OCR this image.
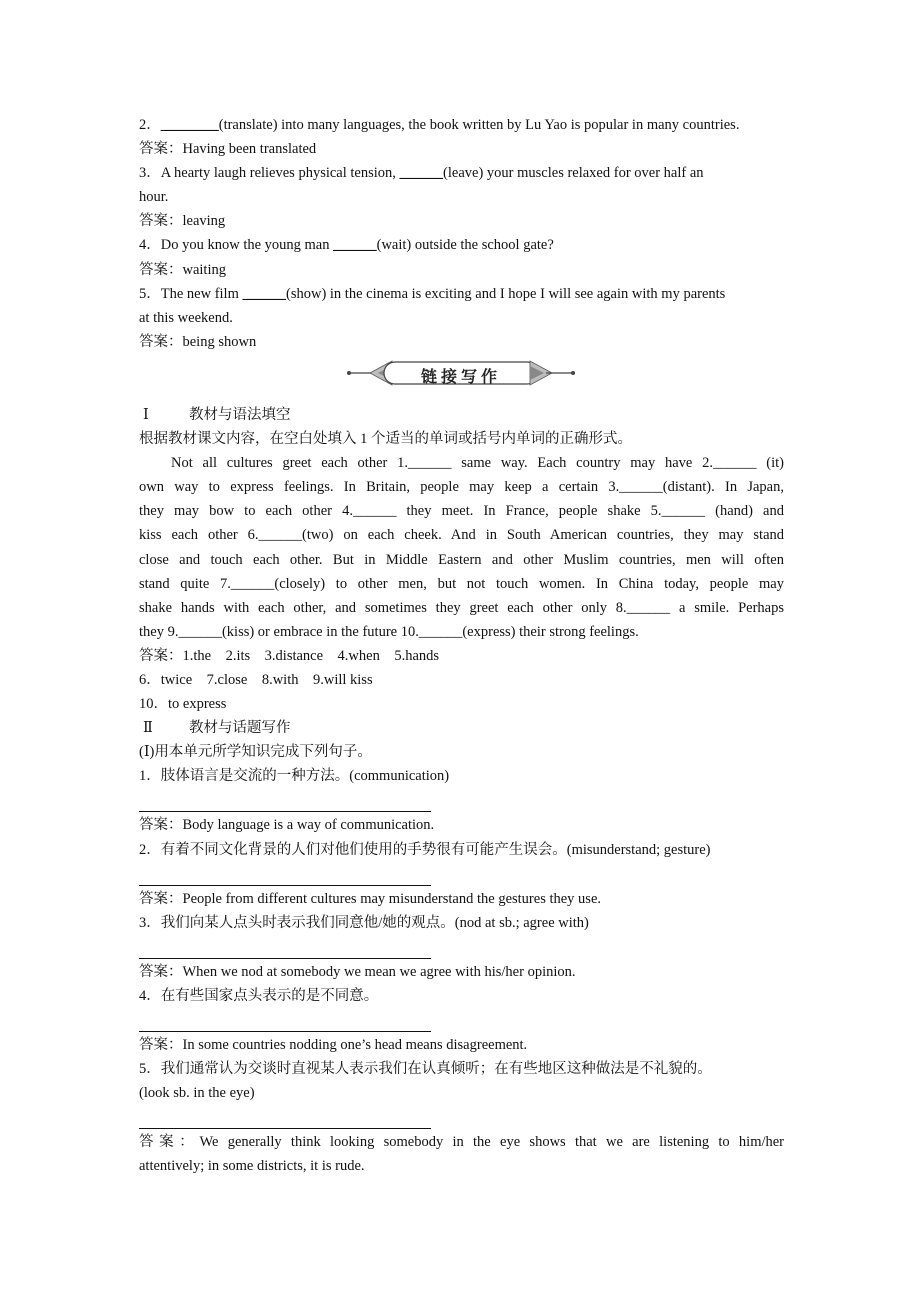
2．________(translate) into many languages, the book written by Lu Yao is popular in many countries.
答案：Having been translated
3．A hearty laugh relieves physical tension, ______(leave) your muscles relaxed for over half an
hour.
答案：leaving
4．Do you know the young man ______(wait) outside the school gate?
答案：waiting
5．The new film ______(show) in the cinema is exciting and I hope I will see again with my parents
at this weekend.
答案：being shown
链接写作
Ⅰ	教材与语法填空
根据教材课文内容，在空白处填入 1 个适当的单词或括号内单词的正确形式。
Not all cultures greet each other 1.______ same way. Each country may have 2.______ (it)
own way to express feelings. In Britain, people may keep a certain 3.______(distant). In Japan,
they may bow to each other 4.______ they meet. In France, people shake 5.______ (hand) and
kiss each other 6.______(two) on each cheek. And in South American countries, they may stand
close and touch each other. But in Middle Eastern and other Muslim countries, men will often
stand quite 7.______(closely) to other men, but not touch women. In China today, people may
shake hands with each other, and sometimes they greet each other only 8.______ a smile. Perhaps
they 9.______(kiss) or embrace in the future 10.______(express) their strong feelings.
答案：1.the　2.its　3.distance　4.when　5.hands
6．twice　7.close　8.with　9.will kiss
10．to express
Ⅱ 教材与话题写作
(Ⅰ)用本单元所学知识完成下列句子。
1．肢体语言是交流的一种方法。(communication)
答案：Body language is a way of communication.
2．有着不同文化背景的人们对他们使用的手势很有可能产生误会。(misunderstand; gesture)
答案：People from different cultures may misunderstand the gestures they use.
3．我们向某人点头时表示我们同意他/她的观点。(nod at sb.; agree with)
答案：When we nod at somebody we mean we agree with his/her opinion.
4．在有些国家点头表示的是不同意。
答案：In some countries nodding one’s head means disagreement.
5．我们通常认为交谈时直视某人表示我们在认真倾听；在有些地区这种做法是不礼貌的。
(look sb. in the eye)
答案：We generally think looking somebody in the eye shows that we are listening to him/her
attentively; in some districts, it is rude.
